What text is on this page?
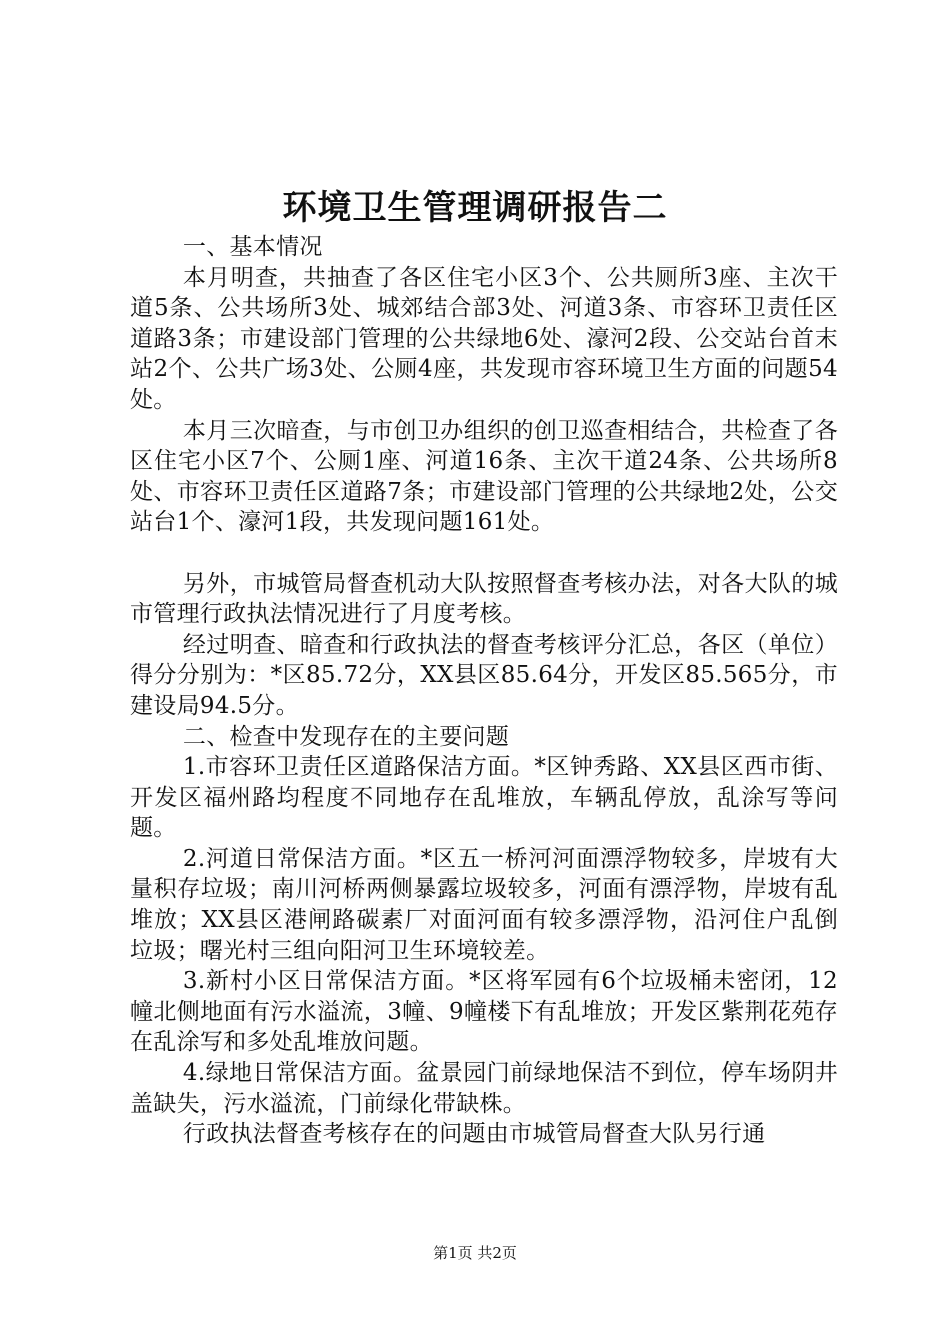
环境卫生管理调研报告二

一、基本情况

本月明查，共抽查了各区住宅小区3个、公共厕所3座、主次干道5条、公共场所3处、城郊结合部3处、河道3条、市容环卫责任区道路3条；市建设部门管理的公共绿地6处、濠河2段、公交站台首末站2个、公共广场3处、公厕4座，共发现市容环境卫生方面的问题54处。

本月三次暗查，与市创卫办组织的创卫巡查相结合，共检查了各区住宅小区7个、公厕1座、河道16条、主次干道24条、公共场所8处、市容环卫责任区道路7条；市建设部门管理的公共绿地2处，公交站台1个、濠河1段，共发现问题161处。

另外，市城管局督查机动大队按照督查考核办法，对各大队的城市管理行政执法情况进行了月度考核。

经过明查、暗查和行政执法的督查考核评分汇总，各区（单位）得分分别为：*区85.72分，XX县区85.64分，开发区85.565分，市建设局94.5分。

二、检查中发现存在的主要问题

1.市容环卫责任区道路保洁方面。*区钟秀路、XX县区西市街、开发区福州路均程度不同地存在乱堆放，车辆乱停放，乱涂写等问题。

2.河道日常保洁方面。*区五一桥河河面漂浮物较多，岸坡有大量积存垃圾；南川河桥两侧暴露垃圾较多，河面有漂浮物，岸坡有乱堆放；XX县区港闸路碳素厂对面河面有较多漂浮物，沿河住户乱倒垃圾；曙光村三组向阳河卫生环境较差。

3.新村小区日常保洁方面。*区将军园有6个垃圾桶未密闭，12幢北侧地面有污水溢流，3幢、9幢楼下有乱堆放；开发区紫荆花苑存在乱涂写和多处乱堆放问题。

4.绿地日常保洁方面。盆景园门前绿地保洁不到位，停车场阴井盖缺失，污水溢流，门前绿化带缺株。

行政执法督查考核存在的问题由市城管局督查大队另行通

第1页 共2页
